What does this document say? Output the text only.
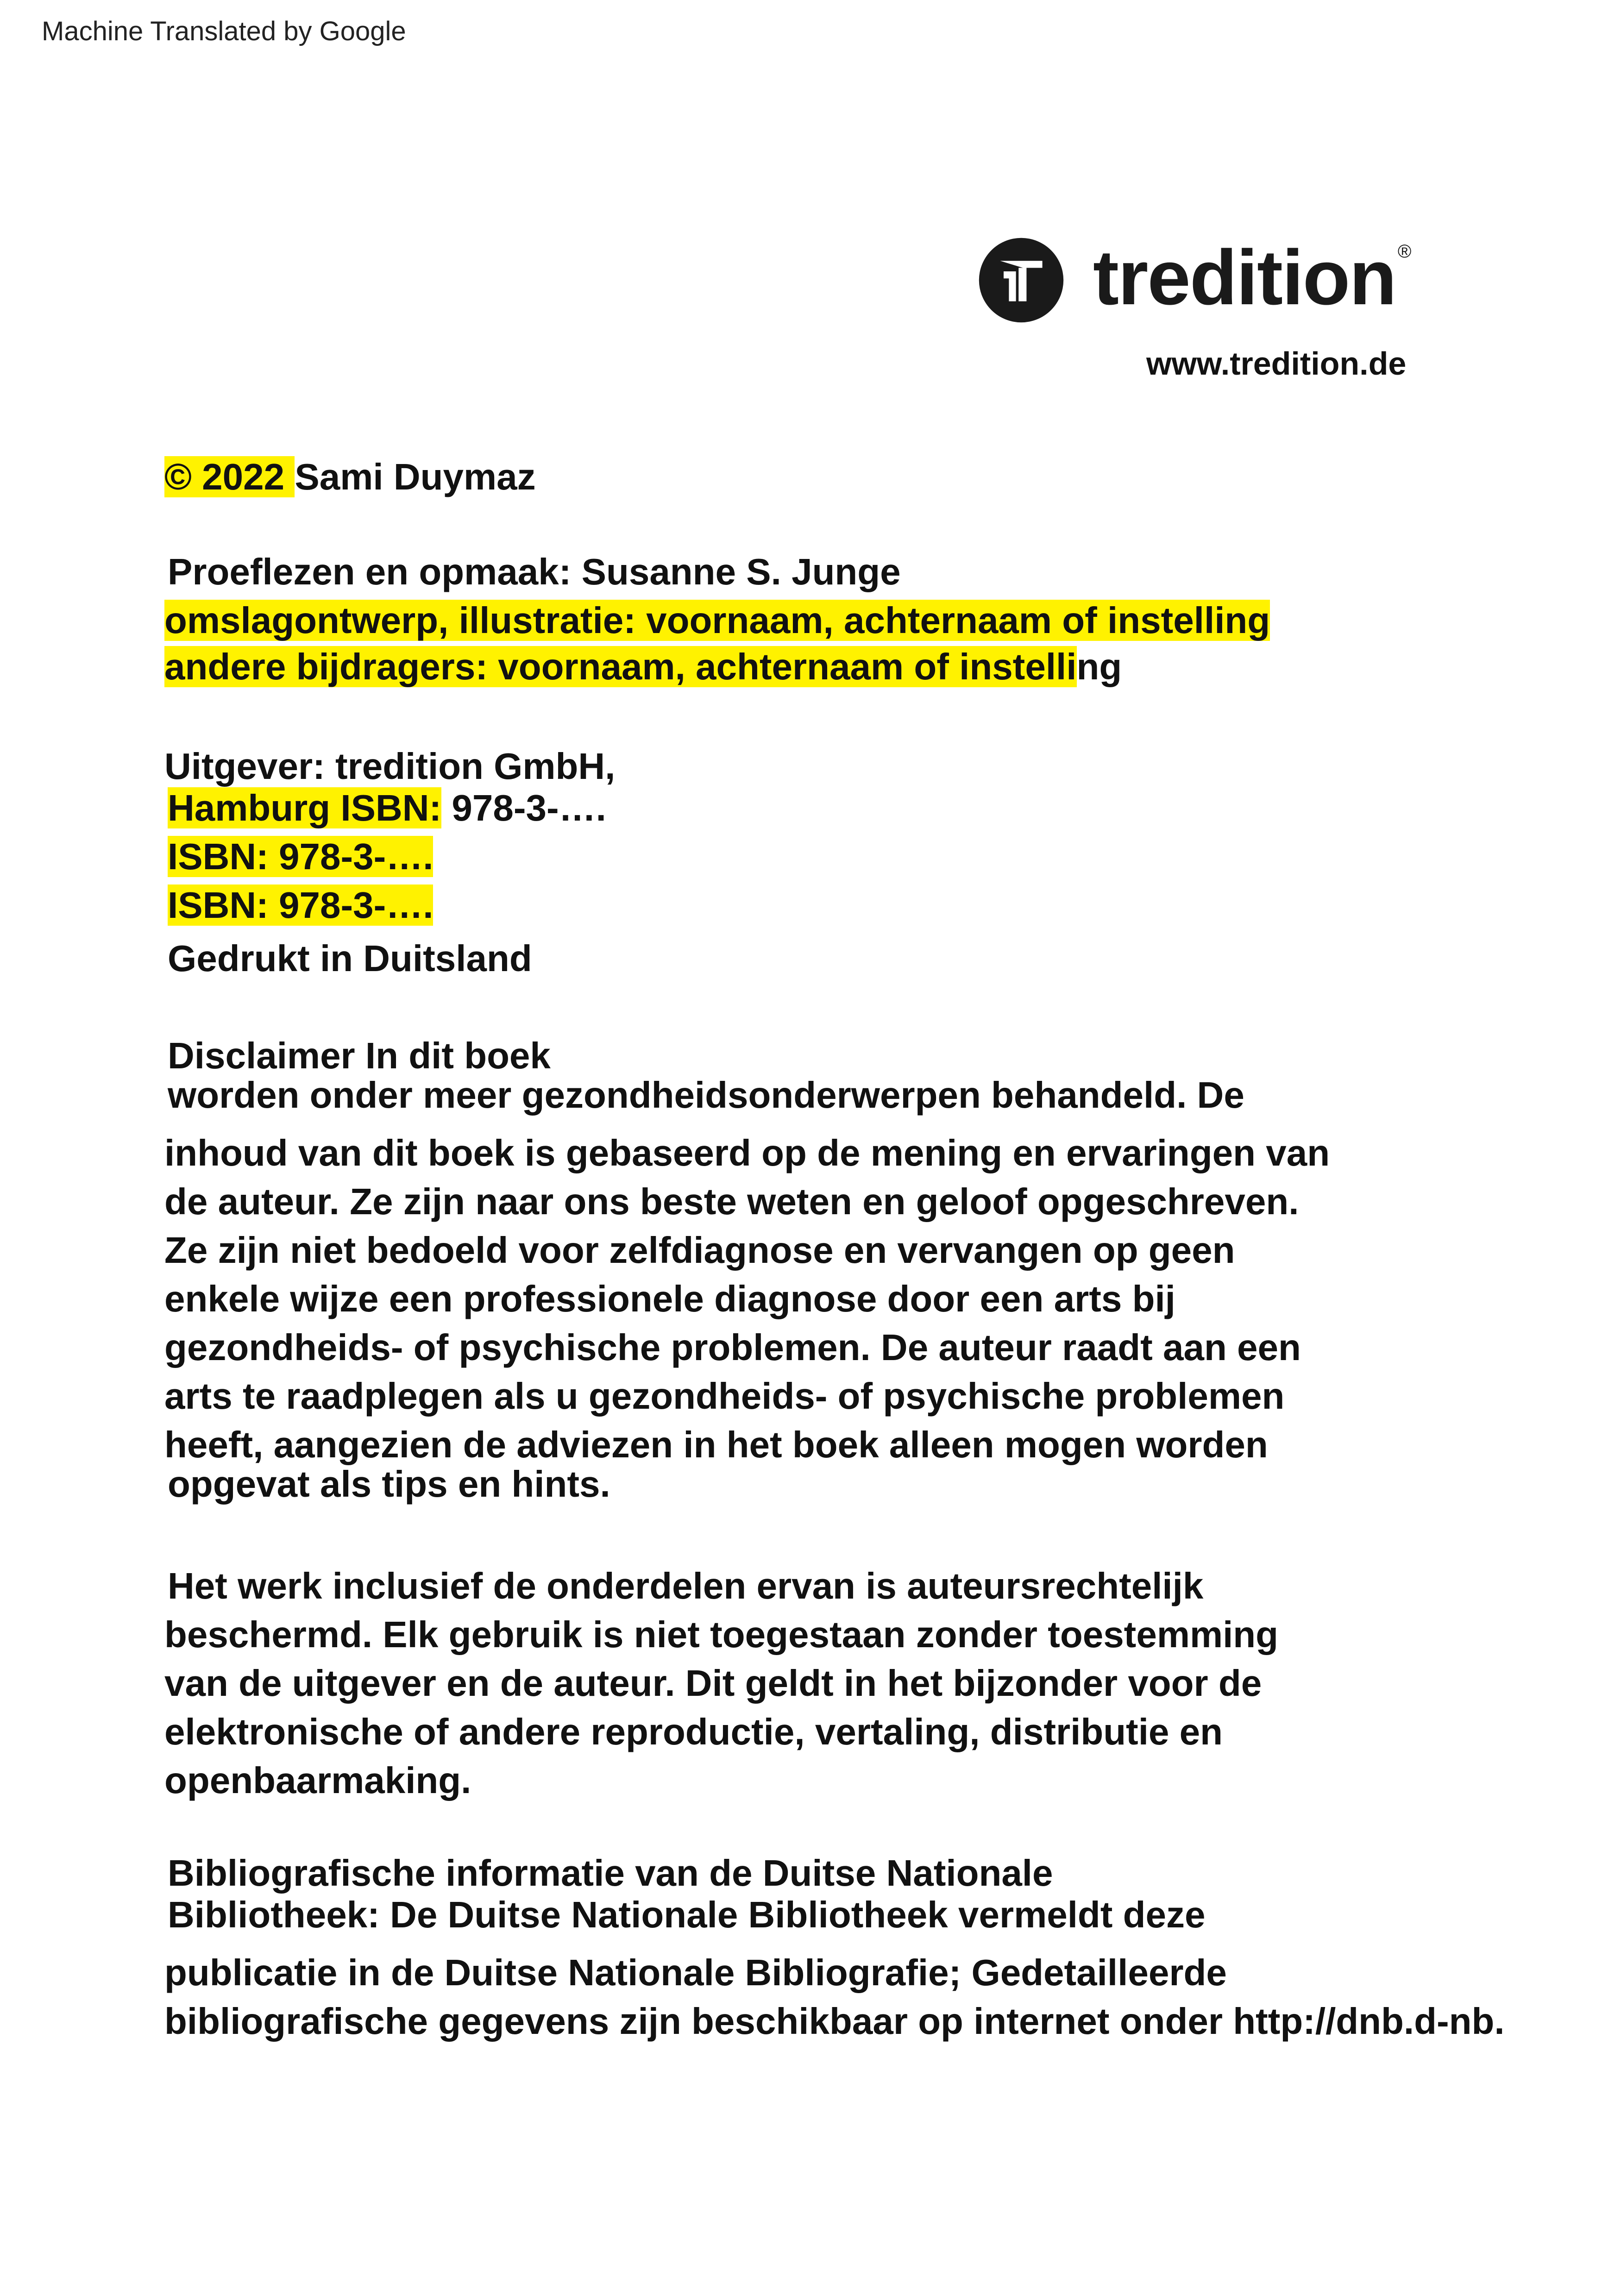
Machine Translated by Google
tredition ®
www.tredition.de
© 2022 Sami Duymaz
Proeflezen en opmaak: Susanne S. Junge
omslagontwerp, illustratie: voornaam, achternaam of instelling
andere bijdragers: voornaam, achternaam of instelling
Uitgever: tredition GmbH,
Hamburg ISBN: 978-3-….
ISBN: 978-3-….
ISBN: 978-3-….
Gedrukt in Duitsland
Disclaimer In dit boek
worden onder meer gezondheidsonderwerpen behandeld. De
inhoud van dit boek is gebaseerd op de mening en ervaringen van
de auteur. Ze zijn naar ons beste weten en geloof opgeschreven.
Ze zijn niet bedoeld voor zelfdiagnose en vervangen op geen
enkele wijze een professionele diagnose door een arts bij
gezondheids- of psychische problemen. De auteur raadt aan een
arts te raadplegen als u gezondheids- of psychische problemen
heeft, aangezien de adviezen in het boek alleen mogen worden
opgevat als tips en hints.
Het werk inclusief de onderdelen ervan is auteursrechtelijk
beschermd. Elk gebruik is niet toegestaan zonder toestemming
van de uitgever en de auteur. Dit geldt in het bijzonder voor de
elektronische of andere reproductie, vertaling, distributie en
openbaarmaking.
Bibliografische informatie van de Duitse Nationale
Bibliotheek: De Duitse Nationale Bibliotheek vermeldt deze
publicatie in de Duitse Nationale Bibliografie; Gedetailleerde
bibliografische gegevens zijn beschikbaar op internet onder http://dnb.d-nb.
